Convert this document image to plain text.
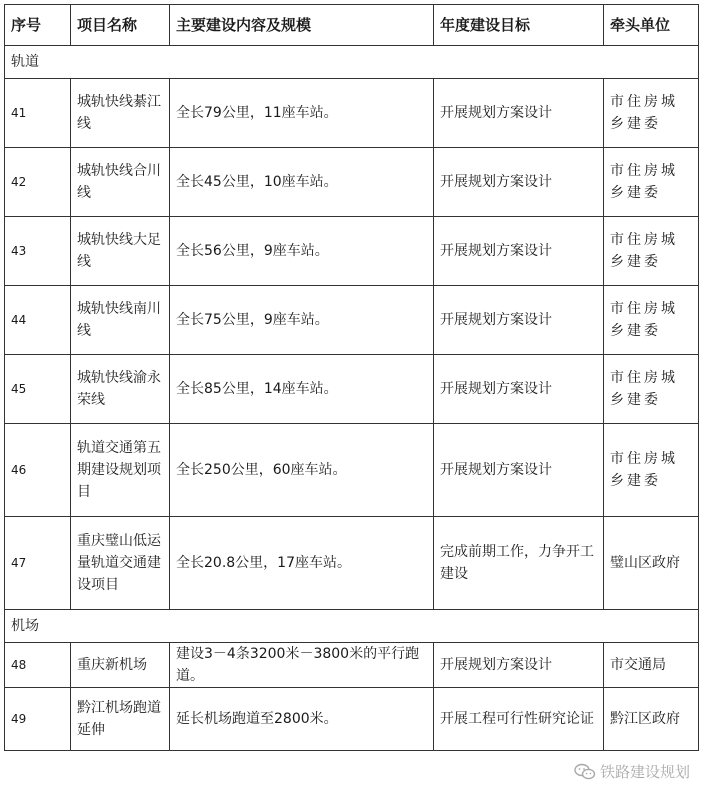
序号	项目名称	主要建设内容及规模	年度建设目标	牵头单位
轨道				
41	城轨快线綦江线	全长79公里，11座车站。	开展规划方案设计	市住房城乡建委
42	城轨快线合川线	全长45公里，10座车站。	开展规划方案设计	市住房城乡建委
43	城轨快线大足线	全长56公里，9座车站。	开展规划方案设计	市住房城乡建委
44	城轨快线南川线	全长75公里，9座车站。	开展规划方案设计	市住房城乡建委
45	城轨快线渝永荣线	全长85公里，14座车站。	开展规划方案设计	市住房城乡建委
46	轨道交通第五期建设规划项目	全长250公里，60座车站。	开展规划方案设计	市住房城乡建委
47	重庆璧山低运量轨道交通建设项目	全长20.8公里，17座车站。	完成前期工作，力争开工建设	璧山区政府
机场				
48	重庆新机场	建设3－4条3200米－3800米的平行跑道。	开展规划方案设计	市交通局
49	黔江机场跑道延伸	延长机场跑道至2800米。	开展工程可行性研究论证	黔江区政府
铁路建设规划
